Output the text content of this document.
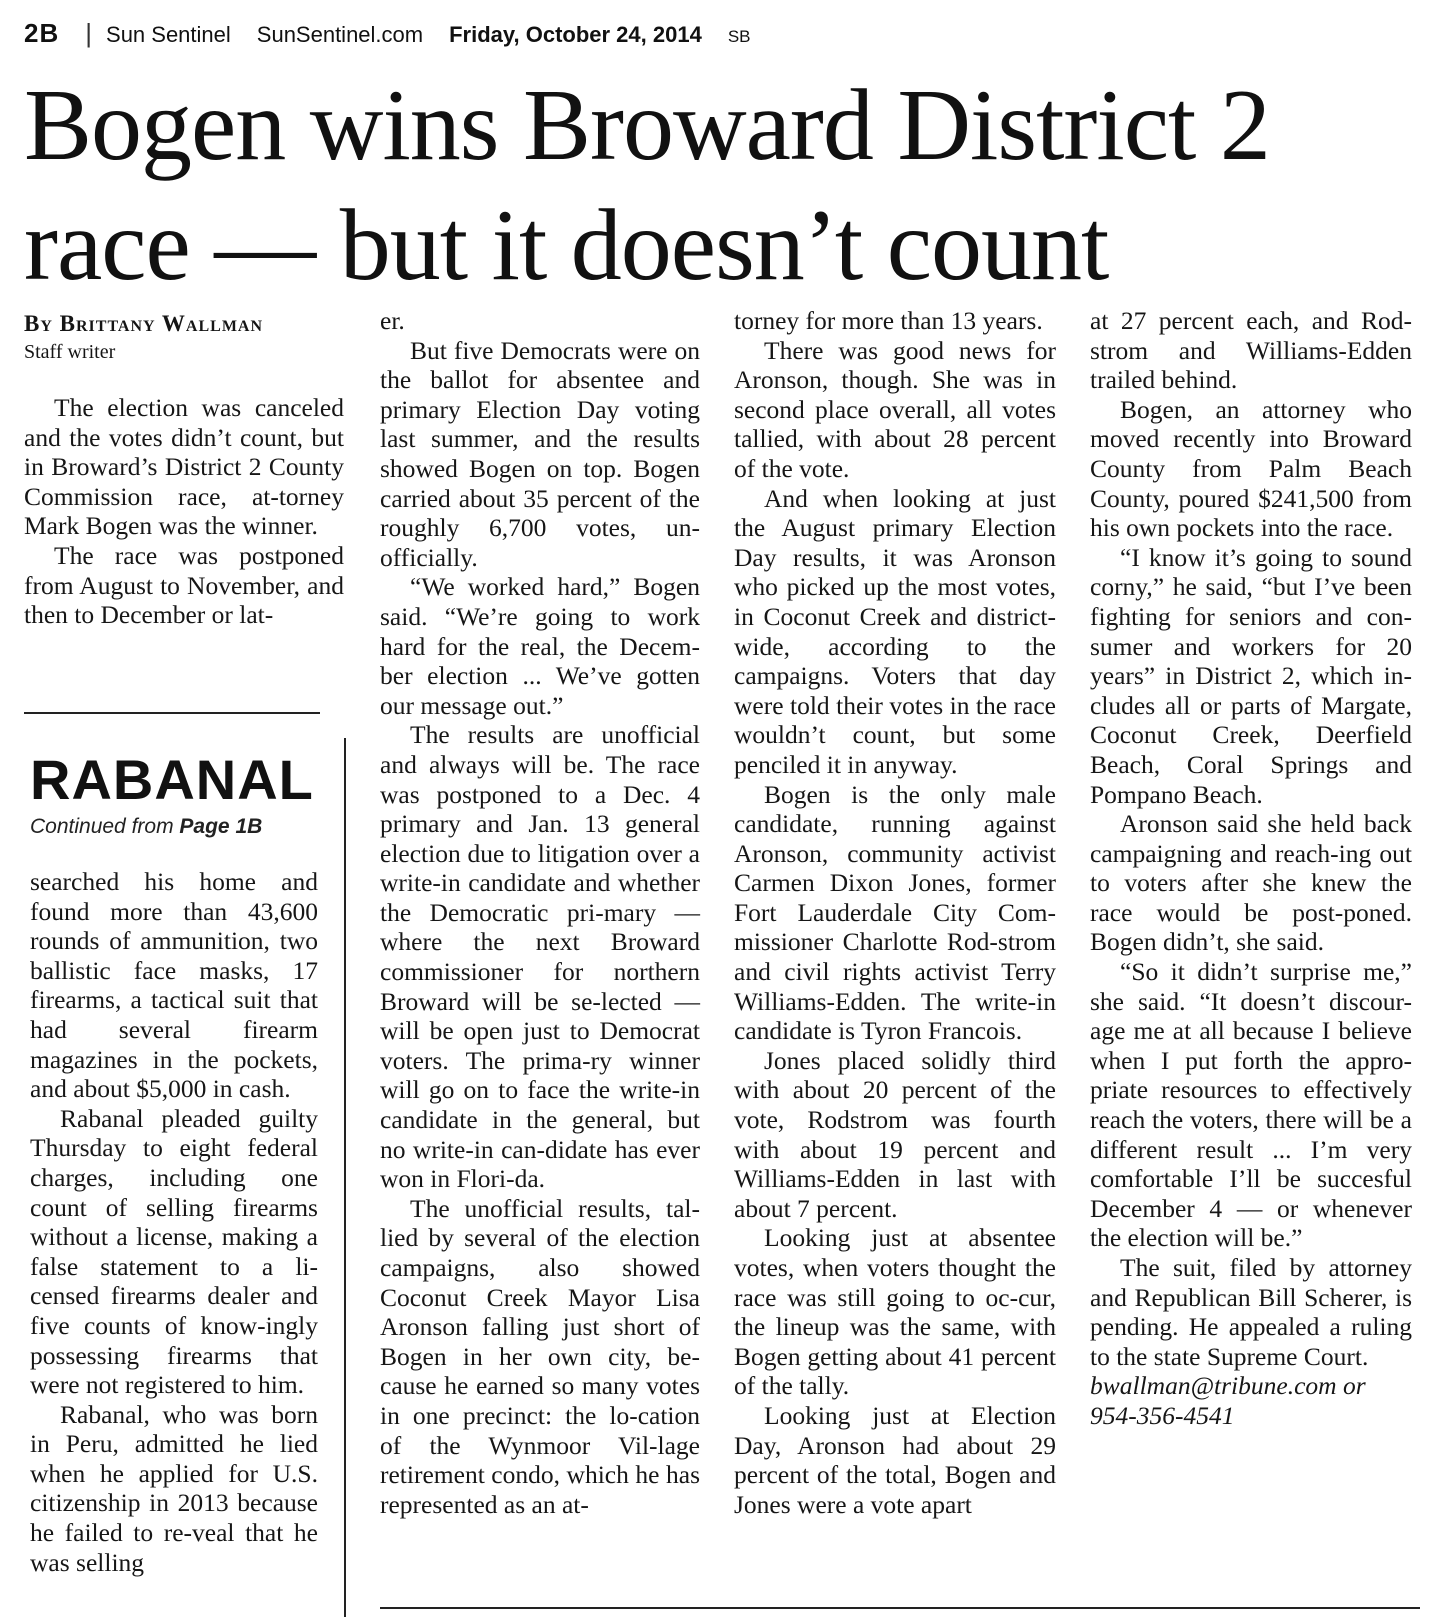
2B | Sun Sentinel SunSentinel.com Friday, October 24, 2014 SB
Bogen wins Broward District 2 race — but it doesn’t count
By Brittany Wallman
Staff writer

The election was canceled and the votes didn’t count, but in Broward’s District 2 County Commission race, at-torney Mark Bogen was the winner.

The race was postponed from August to November, and then to December or lat-

er.

But five Democrats were on the ballot for absentee and primary Election Day voting last summer, and the results showed Bogen on top. Bogen carried about 35 percent of the roughly 6,700 votes, un-officially.

“We worked hard,” Bogen said. “We’re going to work hard for the real, the Decem-ber election ... We’ve gotten our message out.”

The results are unofficial and always will be. The race was postponed to a Dec. 4 primary and Jan. 13 general election due to litigation over a write-in candidate and whether the Democratic pri-mary — where the next Broward commissioner for northern Broward will be se-lected — will be open just to Democrat voters. The prima-ry winner will go on to face the write-in candidate in the general, but no write-in can-didate has ever won in Flori-da.

The unofficial results, tal-lied by several of the election campaigns, also showed Coconut Creek Mayor Lisa Aronson falling just short of Bogen in her own city, be-cause he earned so many votes in one precinct: the lo-cation of the Wynmoor Vil-lage retirement condo, which he has represented as an at-

torney for more than 13 years.

There was good news for Aronson, though. She was in second place overall, all votes tallied, with about 28 percent of the vote.

And when looking at just the August primary Election Day results, it was Aronson who picked up the most votes, in Coconut Creek and district-wide, according to the campaigns. Voters that day were told their votes in the race wouldn’t count, but some penciled it in anyway.

Bogen is the only male candidate, running against Aronson, community activist Carmen Dixon Jones, former Fort Lauderdale City Com-missioner Charlotte Rod-strom and civil rights activist Terry Williams-Edden. The write-in candidate is Tyron Francois.

Jones placed solidly third with about 20 percent of the vote, Rodstrom was fourth with about 19 percent and Williams-Edden in last with about 7 percent.

Looking just at absentee votes, when voters thought the race was still going to oc-cur, the lineup was the same, with Bogen getting about 41 percent of the tally.

Looking just at Election Day, Aronson had about 29 percent of the total, Bogen and Jones were a vote apart

at 27 percent each, and Rod-strom and Williams-Edden trailed behind.

Bogen, an attorney who moved recently into Broward County from Palm Beach County, poured $241,500 from his own pockets into the race.

“I know it’s going to sound corny,” he said, “but I’ve been fighting for seniors and con-sumer and workers for 20 years” in District 2, which in-cludes all or parts of Margate, Coconut Creek, Deerfield Beach, Coral Springs and Pompano Beach.

Aronson said she held back campaigning and reach-ing out to voters after she knew the race would be post-poned. Bogen didn’t, she said.

“So it didn’t surprise me,” she said. “It doesn’t discour-age me at all because I believe when I put forth the appro-priate resources to effectively reach the voters, there will be a different result ... I’m very comfortable I’ll be succesful December 4 — or whenever the election will be.”

The suit, filed by attorney and Republican Bill Scherer, is pending. He appealed a ruling to the state Supreme Court.

bwallman@tribune.com or 954-356-4541

RABANAL
Continued from Page 1B

searched his home and found more than 43,600 rounds of ammunition, two ballistic face masks, 17 firearms, a tactical suit that had several firearm magazines in the pockets, and about $5,000 in cash.

Rabanal pleaded guilty Thursday to eight federal charges, including one count of selling firearms without a license, making a false statement to a li-censed firearms dealer and five counts of know-ingly possessing firearms that were not registered to him.

Rabanal, who was born in Peru, admitted he lied when he applied for U.S. citizenship in 2013 because he failed to re-veal that he was selling
